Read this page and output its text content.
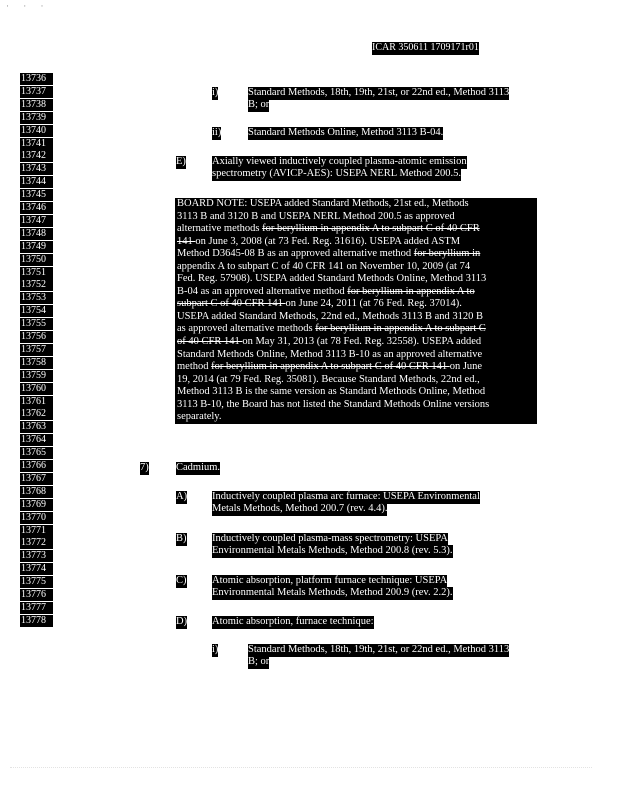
· · ·
ICAR 350611 1709171r01
i)	Standard Methods, 18th, 19th, 21st, or 22nd ed., Method 3113
B; or
ii)	Standard Methods Online, Method 3113 B-04.
E) Axially viewed inductively coupled plasma-atomic emission
spectrometry (AVICP-AES): USEPA NERL Method 200.5.
BOARD NOTE: USEPA added Standard Methods, 21st ed., Methods
3113 B and 3120 B and USEPA NERL Method 200.5 as approved
alternative methods for beryllium in appendix A to subpart C of 40 CFR
141 on June 3, 2008 (at 73 Fed. Reg. 31616). USEPA added ASTM
Method D3645-08 B as an approved alternative method for beryllium in
appendix A to subpart C of 40 CFR 141 on November 10, 2009 (at 74
Fed. Reg. 57908). USEPA added Standard Methods Online, Method 3113
B-04 as an approved alternative method for beryllium in appendix A to
subpart C of 40 CFR 141 on June 24, 2011 (at 76 Fed. Reg. 37014).
USEPA added Standard Methods, 22nd ed., Methods 3113 B and 3120 B
as approved alternative methods for beryllium in appendix A to subpart C
of 40 CFR 141 on May 31, 2013 (at 78 Fed. Reg. 32558). USEPA added
Standard Methods Online, Method 3113 B-10 as an approved alternative
method for beryllium in appendix A to subpart C of 40 CFR 141 on June
19, 2014 (at 79 Fed. Reg. 35081). Because Standard Methods, 22nd ed.,
Method 3113 B is the same version as Standard Methods Online, Method
3113 B-10, the Board has not listed the Standard Methods Online versions
separately.
7)	Cadmium.
A) Inductively coupled plasma arc furnace: USEPA Environmental
Metals Methods, Method 200.7 (rev. 4.4).
B) Inductively coupled plasma-mass spectrometry: USEPA
Environmental Metals Methods, Method 200.8 (rev. 5.3).
C) Atomic absorption, platform furnace technique: USEPA
Environmental Metals Methods, Method 200.9 (rev. 2.2).
D) Atomic absorption, furnace technique:
i)	Standard Methods, 18th, 19th, 21st, or 22nd ed., Method 3113
B; or
13736
13737
13738
13739
13740
13741
13742
13743
13744
13745
13746
13747
13748
13749
13750
13751
13752
13753
13754
13755
13756
13757
13758
13759
13760
13761
13762
13763
13764
13765
13766
13767
13768
13769
13770
13771
13772
13773
13774
13775
13776
13777
13778
